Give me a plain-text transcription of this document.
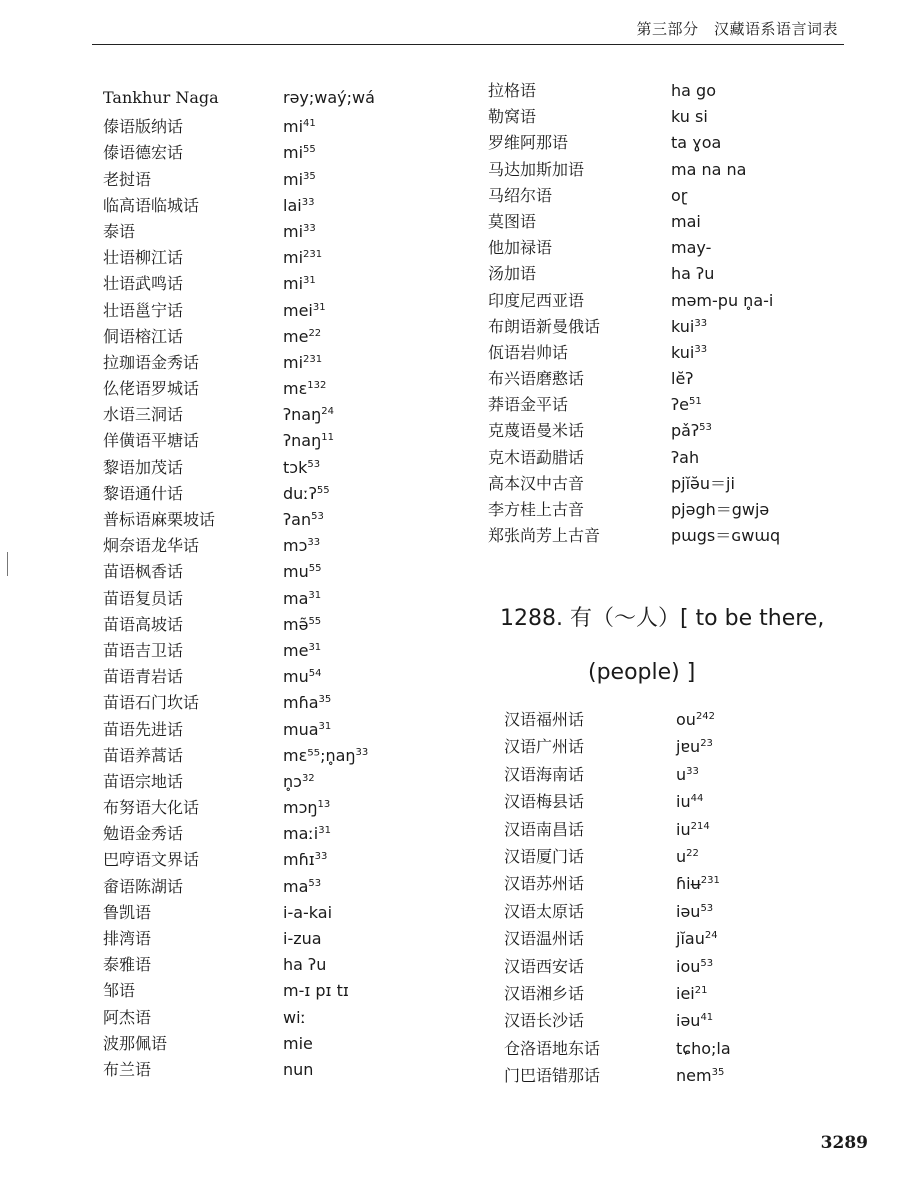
第三部分　汉藏语系语言词表
Tankhur Naga	rəy;waý;wá
傣语版纳话	$mi^{41}$
傣语德宏话	$mi^{55}$
老挝语	$mi^{35}$
临高语临城话	lai$^{33}$
泰语	$mi^{33}$
壮语柳江话	$mi^{231}$
壮语武鸣话	$mi^{31}$
壮语邕宁话	mei$^{31}$
侗语榕江话	$me^{22}$
拉珈语金秀话	$mi^{231}$
仫佬语罗城话	mɛ$^{132}$
水语三洞话	ʔnaŋ$^{24}$
佯僙语平塘话	ʔnaŋ$^{11}$
黎语加茂话	tɔk$^{53}$
黎语通什话	duːʔ$^{55}$
普标语麻栗坡话	ʔan$^{53}$
炯奈语龙华话	mɔ$^{33}$
苗语枫香话	$mu^{55}$
苗语复员话	$ma^{31}$
苗语高坡话	mə̃$^{55}$
苗语吉卫话	$me^{31}$
苗语青岩话	$mu^{54}$
苗语石门坎话	mɦa$^{35}$
苗语先进话	mua$^{31}$
苗语养蒿话	$mɛ^{55};n̥aŋ^{33}$
苗语宗地话	n̥ɔ$^{32}$
布努语大化话	mɔŋ$^{13}$
勉语金秀话	maːi$^{31}$
巴哼语文界话	mɦɪ$^{33}$
畲语陈湖话	$ma^{53}$
鲁凯语	i-a-kai
排湾语	i-zua
泰雅语	ha ʔu
邹语	m-ɪ pɪ tɪ
阿杰语	wiː
波那佩语	mie
布兰语	nun
拉格语	ha go
勒窝语	ku si
罗维阿那语	ta ɣoa
马达加斯加语	ma na na
马绍尔语	oɽ
莫图语	mai
他加禄语	may-
汤加语	ha ʔu
印度尼西亚语	məm-pu n̥a-i
布朗语新曼俄话	kui$^{33}$
佤语岩帅话	kui$^{33}$
布兴语磨憨话	lĕʔ
莽语金平话	ʔe$^{51}$
克蔑语曼米话	pǎʔ$^{53}$
克木语勐腊话	ʔah
高本汉中古音	pjĭə̆u＝ji
李方桂上古音	pjəgh＝gwjə
郑张尚芳上古音	pɯgs＝ɢwɯq
1288. 有（～人）[ to be there,
(people) ]
汉语福州话	$ou^{242}$
汉语广州话	jɐu$^{23}$
汉语海南话	$u^{33}$
汉语梅县话	$iu^{44}$
汉语南昌话	$iu^{214}$
汉语厦门话	$u^{22}$
汉语苏州话	ɦiʉ$^{231}$
汉语太原话	iəu$^{53}$
汉语温州话	jĭau$^{24}$
汉语西安话	iou$^{53}$
汉语湘乡话	iei$^{21}$
汉语长沙话	iəu$^{41}$
仓洛语地东话	tɕho;la
门巴语错那话	nem$^{35}$
3289
